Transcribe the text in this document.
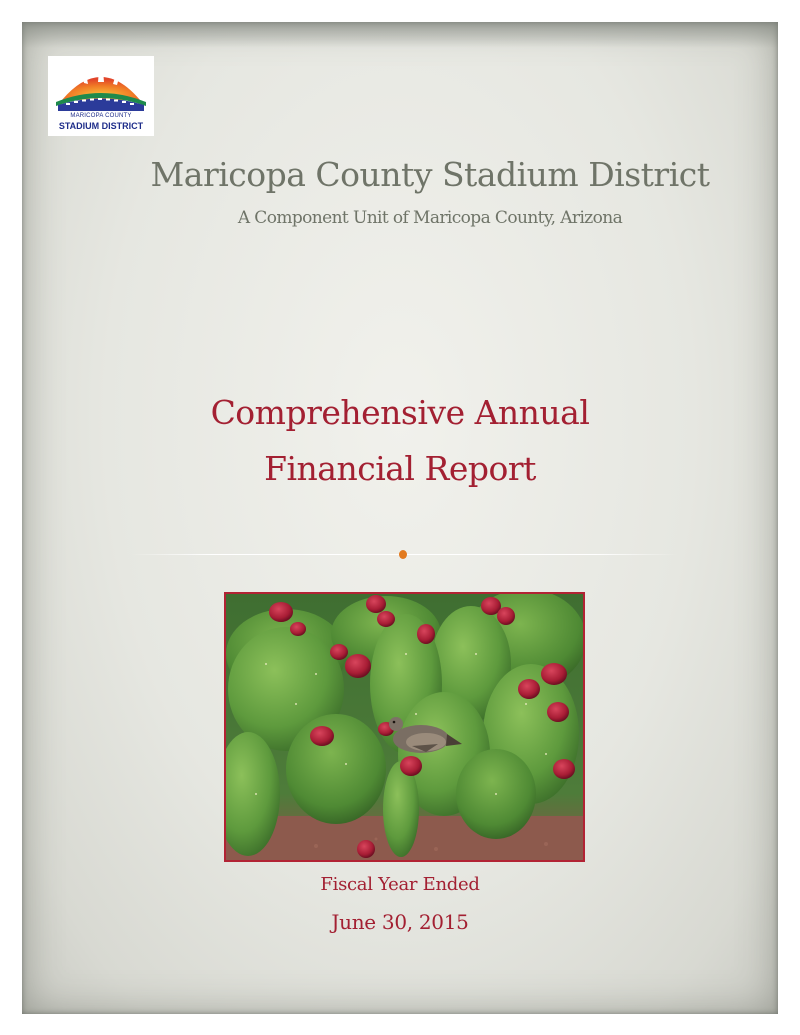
MARICOPA COUNTY
STADIUM DISTRICT
Maricopa County Stadium District
A Component Unit of Maricopa County, Arizona
Comprehensive Annual
Financial Report
Fiscal Year Ended
June 30, 2015
